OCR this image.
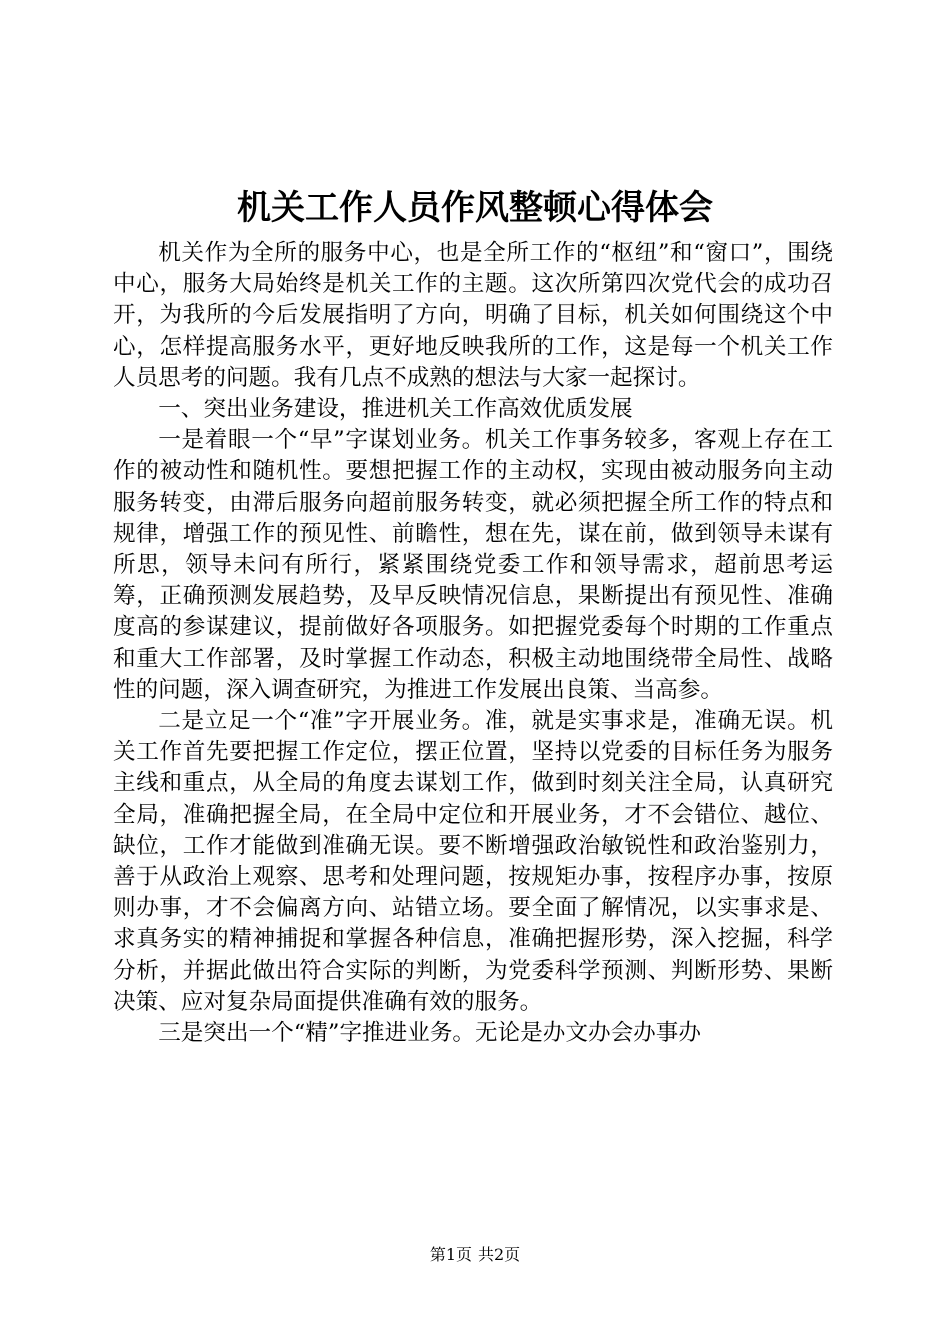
机关工作人员作风整顿心得体会

机关作为全所的服务中心，也是全所工作的“枢纽”和“窗口”，围绕中心，服务大局始终是机关工作的主题。这次所第四次党代会的成功召开，为我所的今后发展指明了方向，明确了目标，机关如何围绕这个中心，怎样提高服务水平，更好地反映我所的工作，这是每一个机关工作人员思考的问题。我有几点不成熟的想法与大家一起探讨。

一、突出业务建设，推进机关工作高效优质发展

一是着眼一个“早”字谋划业务。机关工作事务较多，客观上存在工作的被动性和随机性。要想把握工作的主动权，实现由被动服务向主动服务转变，由滞后服务向超前服务转变，就必须把握全所工作的特点和规律，增强工作的预见性、前瞻性，想在先，谋在前，做到领导未谋有所思，领导未问有所行，紧紧围绕党委工作和领导需求，超前思考运筹，正确预测发展趋势，及早反映情况信息，果断提出有预见性、准确度高的参谋建议，提前做好各项服务。如把握党委每个时期的工作重点和重大工作部署，及时掌握工作动态，积极主动地围绕带全局性、战略性的问题，深入调查研究，为推进工作发展出良策、当高参。

二是立足一个“准”字开展业务。准，就是实事求是，准确无误。机关工作首先要把握工作定位，摆正位置，坚持以党委的目标任务为服务主线和重点，从全局的角度去谋划工作，做到时刻关注全局，认真研究全局，准确把握全局，在全局中定位和开展业务，才不会错位、越位、缺位，工作才能做到准确无误。要不断增强政治敏锐性和政治鉴别力，善于从政治上观察、思考和处理问题，按规矩办事，按程序办事，按原则办事，才不会偏离方向、站错立场。要全面了解情况，以实事求是、求真务实的精神捕捉和掌握各种信息，准确把握形势，深入挖掘，科学分析，并据此做出符合实际的判断，为党委科学预测、判断形势、果断决策、应对复杂局面提供准确有效的服务。

三是突出一个“精”字推进业务。无论是办文办会办事办

第1页 共2页
